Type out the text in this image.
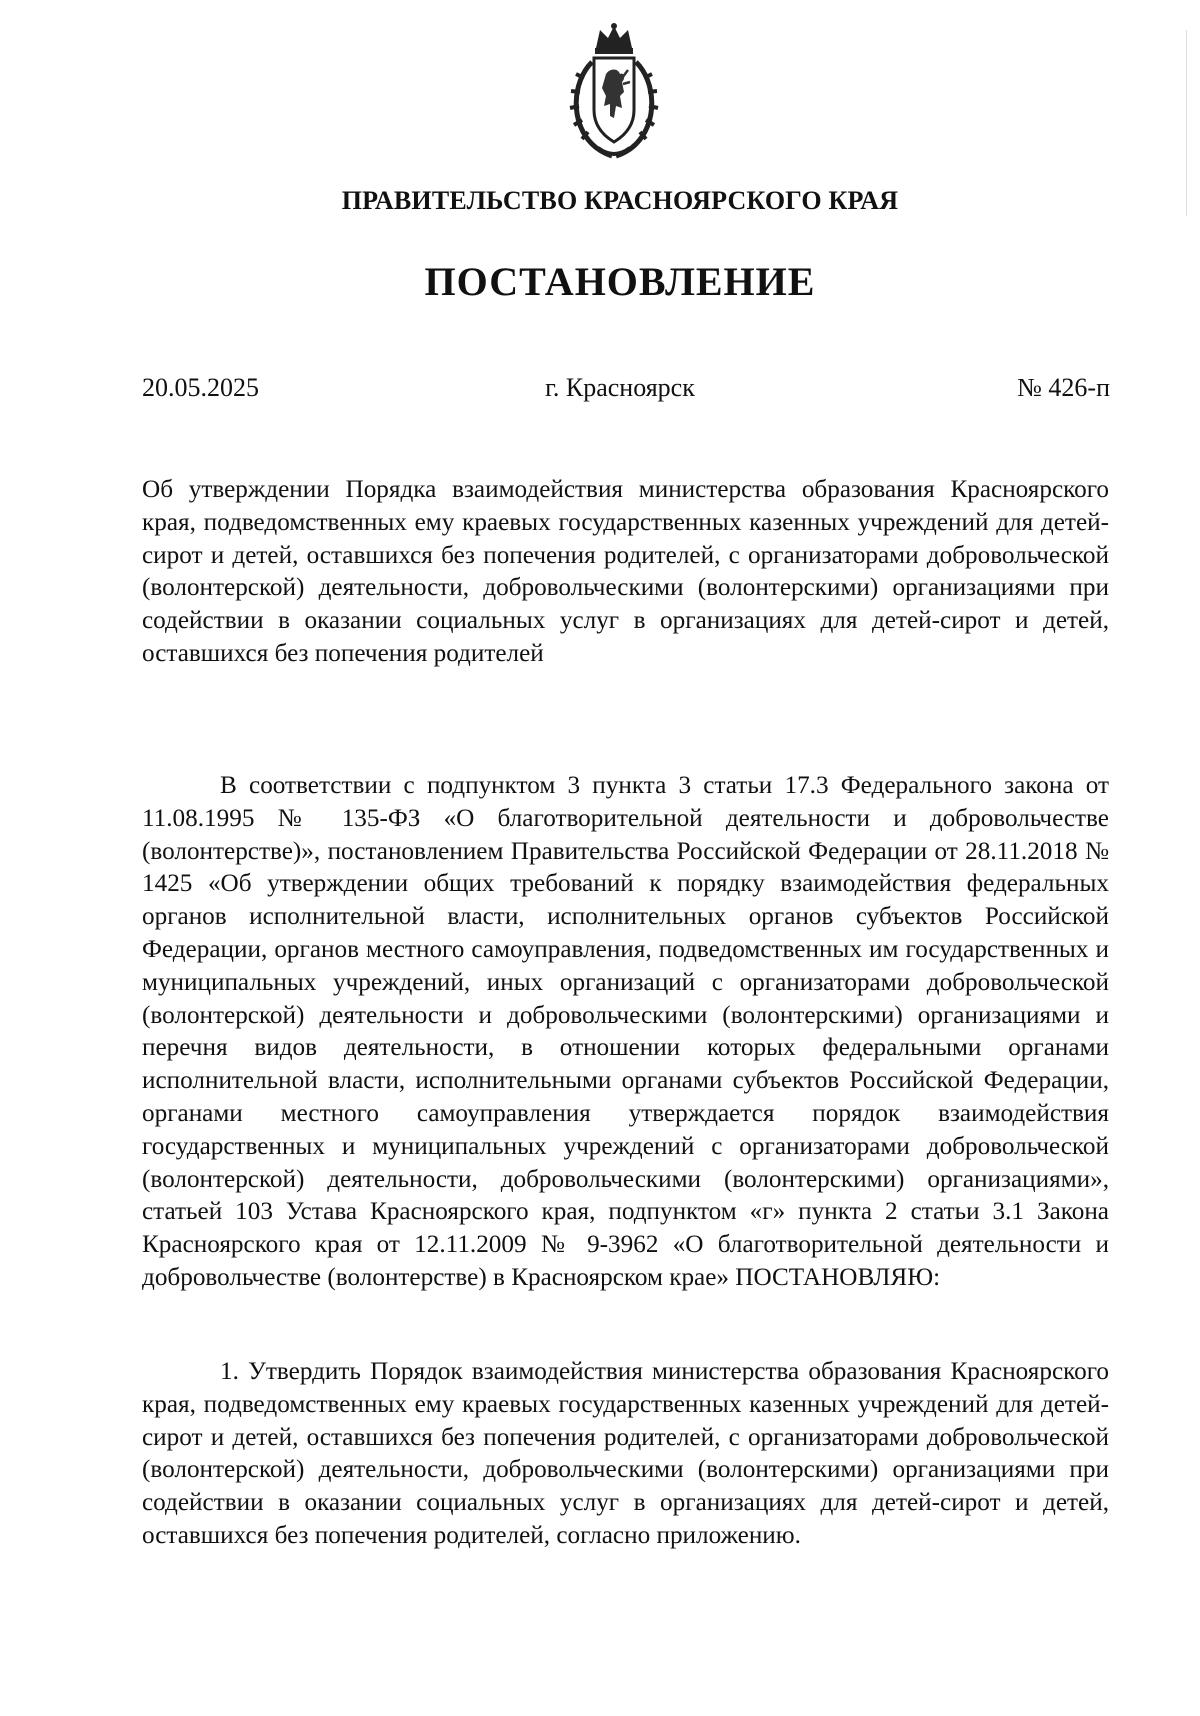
ПРАВИТЕЛЬСТВО КРАСНОЯРСКОГО КРАЯ
ПОСТАНОВЛЕНИЕ
20.05.2025	г. Красноярск	№ 426-п

Об утверждении Порядка взаимодействия министерства образования Красноярского края, подведомственных ему краевых государственных казенных учреждений для детей-сирот и детей, оставшихся без попечения родителей, с организаторами добровольческой (волонтерской) деятельности, добровольческими (волонтерскими) организациями при содействии в оказании социальных услуг в организациях для детей-сирот и детей, оставшихся без попечения родителей

В соответствии с подпунктом 3 пункта 3 статьи 17.3 Федерального закона от 11.08.1995 № 135-ФЗ «О благотворительной деятельности и добровольчестве (волонтерстве)», постановлением Правительства Российской Федерации от 28.11.2018 № 1425 «Об утверждении общих требований к порядку взаимодействия федеральных органов исполнительной власти, исполнительных органов субъектов Российской Федерации, органов местного самоуправления, подведомственных им государственных и муниципальных учреждений, иных организаций с организаторами добровольческой (волонтерской) деятельности и добровольческими (волонтерскими) организациями и перечня видов деятельности, в отношении которых федеральными органами исполнительной власти, исполнительными органами субъектов Российской Федерации, органами местного самоуправления утверждается порядок взаимодействия государственных и муниципальных учреждений с организаторами добровольческой (волонтерской) деятельности, добровольческими (волонтерскими) организациями», статьей 103 Устава Красноярского края, подпунктом «г» пункта 2 статьи 3.1 Закона Красноярского края от 12.11.2009 № 9-3962 «О благотворительной деятельности и добровольчестве (волонтерстве) в Красноярском крае» ПОСТАНОВЛЯЮ:

1. Утвердить Порядок взаимодействия министерства образования Красноярского края, подведомственных ему краевых государственных казенных учреждений для детей-сирот и детей, оставшихся без попечения родителей, с организаторами добровольческой (волонтерской) деятельности, добровольческими (волонтерскими) организациями при содействии в оказании социальных услуг в организациях для детей-сирот и детей, оставшихся без попечения родителей, согласно приложению.
